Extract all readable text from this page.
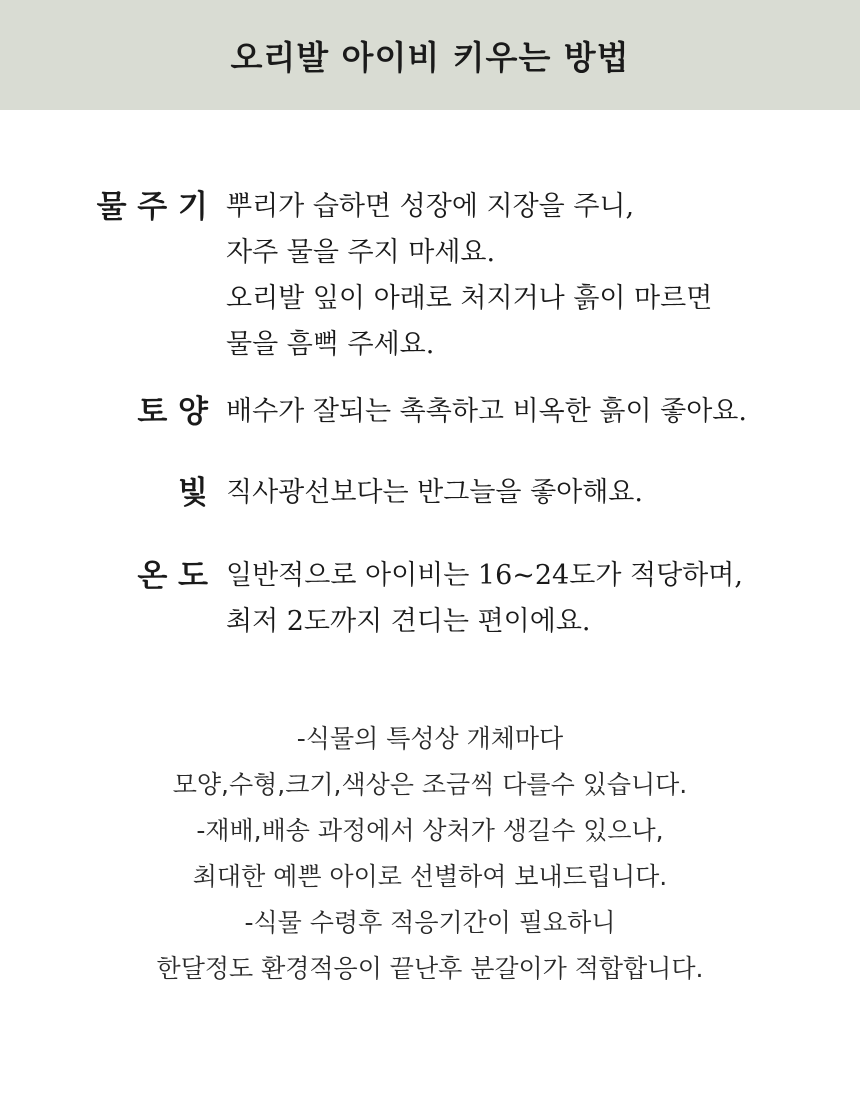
오리발 아이비 키우는 방법
물 주 기 뿌리가 습하면 성장에 지장을 주니,
자주 물을 주지 마세요.
오리발 잎이 아래로 처지거나 흙이 마르면
물을 흠뻑 주세요.
토 양 배수가 잘되는 촉촉하고 비옥한 흙이 좋아요.
빛 직사광선보다는 반그늘을 좋아해요.
온 도 일반적으로 아이비는 16~24도가 적당하며,
최저 2도까지 견디는 편이에요.
-식물의 특성상 개체마다
모양,수형,크기,색상은 조금씩 다를수 있습니다.
-재배,배송 과정에서 상처가 생길수 있으나,
최대한 예쁜 아이로 선별하여 보내드립니다.
-식물 수령후 적응기간이 필요하니
한달정도 환경적응이 끝난후 분갈이가 적합합니다.
